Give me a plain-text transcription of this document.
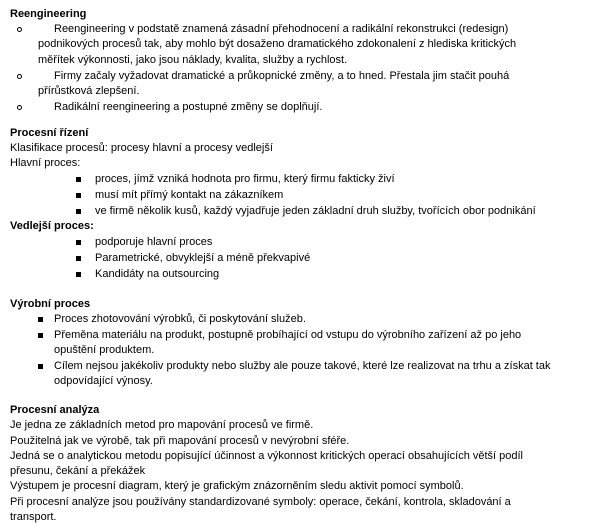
Reengineering
Reengineering v podstatě znamená zásadní přehodnocení a radikální rekonstrukci (redesign)
podnikových procesů tak, aby mohlo být dosaženo dramatického zdokonalení z hlediska kritických
měřítek výkonnosti, jako jsou náklady, kvalita, služby a rychlost.
Firmy začaly vyžadovat dramatické a průkopnické změny, a to hned. Přestala jim stačit pouhá
přírůstková zlepšení.
Radikální reengineering a postupné změny se doplňují.
Procesní řízení
Klasifikace procesů: procesy hlavní a procesy vedlejší
Hlavní proces:
proces, jímž vzniká hodnota pro firmu, který firmu fakticky živí
musí mít přímý kontakt na zákazníkem
ve firmě několik kusů, každý vyjadřuje jeden základní druh služby, tvořících obor podnikání
Vedlejší proces:
podporuje hlavní proces
Parametrické, obvyklejší a méně překvapivé
Kandidáty na outsourcing
Výrobní proces
Proces zhotovování výrobků, či poskytování služeb.
Přeměna materiálu na produkt, postupně probíhající od vstupu do výrobního zařízení až po jeho
opuštění produktem.
Cílem nejsou jakékoliv produkty nebo služby ale pouze takové, které lze realizovat na trhu a získat tak
odpovídající výnosy.
Procesní analýza
Je jedna ze základních metod pro mapování procesů ve firmě.
Použitelná jak ve výrobě, tak při mapování procesů v nevýrobní sféře.
Jedná se o analytickou metodu popisující účinnost a výkonnost kritických operací obsahujících větší podíl
přesunu, čekání a překážek
Výstupem je procesní diagram, který je grafickým znázorněním sledu aktivit pomocí symbolů.
Při procesní analýze jsou používány standardizované symboly: operace, čekání, kontrola, skladování a
transport.
